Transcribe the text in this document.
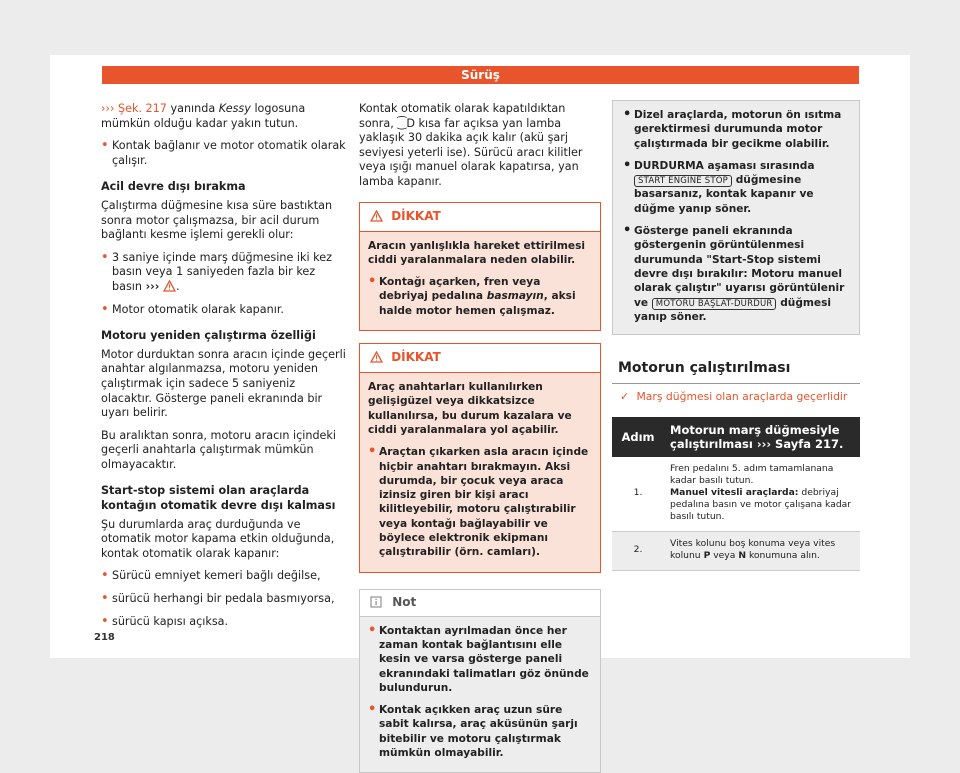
Sürüş

››› Şek. 217 yanında Kessy logosuna mümkün olduğu kadar yakın tutun.

• Kontak bağlanır ve motor otomatik olarak çalışır.

Acil devre dışı bırakma

Çalıştırma düğmesine kısa süre bastıktan sonra motor çalışmazsa, bir acil durum bağlantı kesme işlemi gerekli olur:

• 3 saniye içinde marş düğmesine iki kez basın veya 1 saniyeden fazla bir kez basın ››› .
• Motor otomatik olarak kapanır.

Motoru yeniden çalıştırma özelliği

Motor durduktan sonra aracın içinde geçerli anahtar algılanmazsa, motoru yeniden çalıştırmak için sadece 5 saniyeniz olacaktır. Gösterge paneli ekranında bir uyarı belirir.

Bu aralıktan sonra, motoru aracın içindeki geçerli anahtarla çalıştırmak mümkün olmayacaktır.

Start-stop sistemi olan araçlarda kontağın otomatik devre dışı kalması

Şu durumlarda araç durduğunda ve otomatik motor kapama etkin olduğunda, kontak otomatik olarak kapanır:

• Sürücü emniyet kemeri bağlı değilse,
• sürücü herhangi bir pedala basmıyorsa,
• sürücü kapısı açıksa.

Kontak otomatik olarak kapatıldıktan sonra, ⁐D kısa far açıksa yan lamba yaklaşık 30 dakika açık kalır (akü şarj seviyesi yeterli ise). Sürücü aracı kilitler veya ışığı manuel olarak kapatırsa, yan lamba kapanır.

DİKKAT

Aracın yanlışlıkla hareket ettirilmesi ciddi yaralanmalara neden olabilir.

• Kontağı açarken, fren veya debriyaj pedalına basmayın, aksi halde motor hemen çalışmaz.
DİKKAT

Araç anahtarları kullanılırken gelişigüzel veya dikkatsizce kullanılırsa, bu durum kazalara ve ciddi yaralanmalara yol açabilir.

• Araçtan çıkarken asla aracın içinde hiçbir anahtarı bırakmayın. Aksi durumda, bir çocuk veya araca izinsiz giren bir kişi aracı kilitleyebilir, motoru çalıştırabilir veya kontağı bağlayabilir ve böylece elektronik ekipmanı çalıştırabilir (örn. camları).
Not
• Kontaktan ayrılmadan önce her zaman kontak bağlantısını elle kesin ve varsa gösterge paneli ekranındaki talimatları göz önünde bulundurun.
• Kontak açıkken araç uzun süre sabit kalırsa, araç aküsünün şarjı bitebilir ve motoru çalıştırmak mümkün olmayabilir.
• Dizel araçlarda, motorun ön ısıtma gerektirmesi durumunda motor çalıştırmada bir gecikme olabilir.
• DURDURMA aşaması sırasında START ENGINE STOP düğmesine basarsanız, kontak kapanır ve düğme yanıp söner.
• Gösterge paneli ekranında göstergenin görüntülenmesi durumunda "Start-Stop sistemi devre dışı bırakılır: Motoru manuel olarak çalıştır" uyarısı görüntülenir ve MOTORU BAŞLAT-DURDUR düğmesi yanıp söner.
Motorun çalıştırılması
✓ Marş düğmesi olan araçlarda geçerlidir
Adım	Motorun marş düğmesiyle çalıştırılması ››› Sayfa 217.
1.	Fren pedalını 5. adım tamamlanana kadar basılı tutun.
Manuel vitesli araçlarda: debriyaj pedalına basın ve motor çalışana kadar basılı tutun.
2.	Vites kolunu boş konuma veya vites kolunu P veya N konumuna alın.
218
